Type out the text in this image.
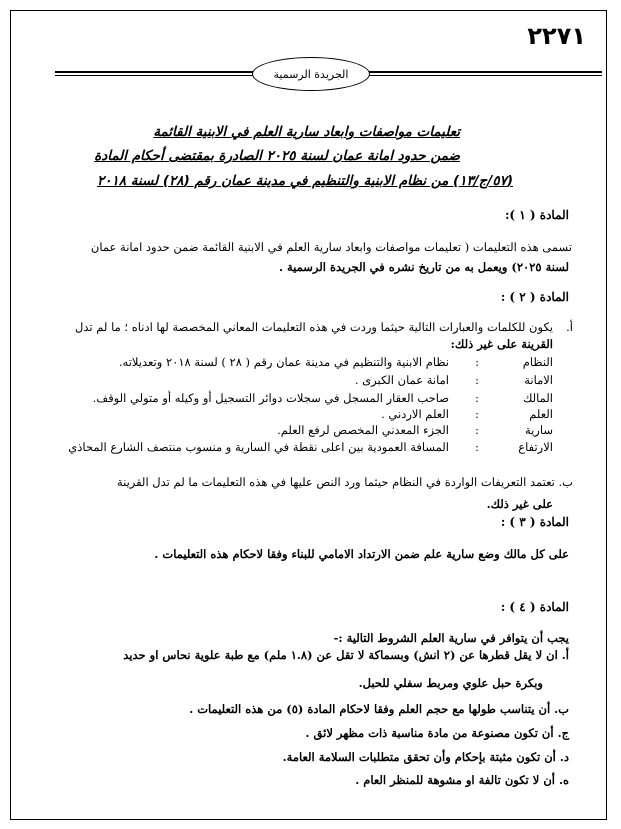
٢٢٧١
الجريدة الرسمية
تعليمات مواصفات وابعاد سارية العلم في الابنية القائمة
ضمن حدود امانة عمان لسنة ٢٠٢٥ الصادرة بمقتضى أحكام المادة
(٥٧/ج/١٣) من نظام الابنية والتنظيم في مدينة عمان رقم (٢٨) لسنة ٢٠١٨
المادة ( ١ ):
تسمى هذه التعليمات ( تعليمات مواصفات وابعاد سارية العلم في الابنية القائمة ضمن حدود امانة عمان
لسنة ٢٠٢٥) ويعمل به من تاريخ نشره في الجريدة الرسمية .
المادة ( ٢ ) :
أ.
يكون للكلمات والعبارات التالية حيثما وردت في هذه التعليمات المعاني المخصصة لها ادناه ؛ ما لم تدل
القرينة على غير ذلك:
النظام
:
نظام الابنية والتنظيم في مدينة عمان رقم ( ٢٨ ) لسنة ٢٠١٨ وتعديلاته.
الامانة
:
امانة عمان الكبرى .
المالك
:
صاحب العقار المسجل في سجلات دوائر التسجيل أو وكيله أو متولي الوقف.
العلم
:
العلم الاردني .
سارية
:
الجزء المعدني المخصص لرفع العلم.
الارتفاع
:
المسافة العمودية بين اعلى نقطة في السارية و منسوب منتصف الشارع المحاذي
ب. تعتمد التعريفات الواردة في النظام حيثما ورد النص عليها في هذه التعليمات ما لم تدل القرينة
على غير ذلك.
المادة ( ٣ ) :
على كل مالك وضع سارية علم ضمن الارتداد الامامي للبناء وفقا لاحكام هذه التعليمات .
المادة ( ٤ ) :
يجب أن يتوافر في سارية العلم الشروط التالية :-
أ. ان لا يقل قطرها عن (٢ انش) وبسماكة لا تقل عن (١.٨ ملم) مع طبة علوية نحاس او حديد
وبكرة حبل علوي ومربط سفلي للحبل.
ب. أن يتناسب طولها مع حجم العلم وفقا لاحكام المادة (٥) من هذه التعليمات .
ج. أن تكون مصنوعة من مادة مناسبة ذات مظهر لائق .
د. أن تكون مثبتة بإحكام وأن تحقق متطلبات السلامة العامة.
ه. أن لا تكون تالفة او مشوهة للمنظر العام .
